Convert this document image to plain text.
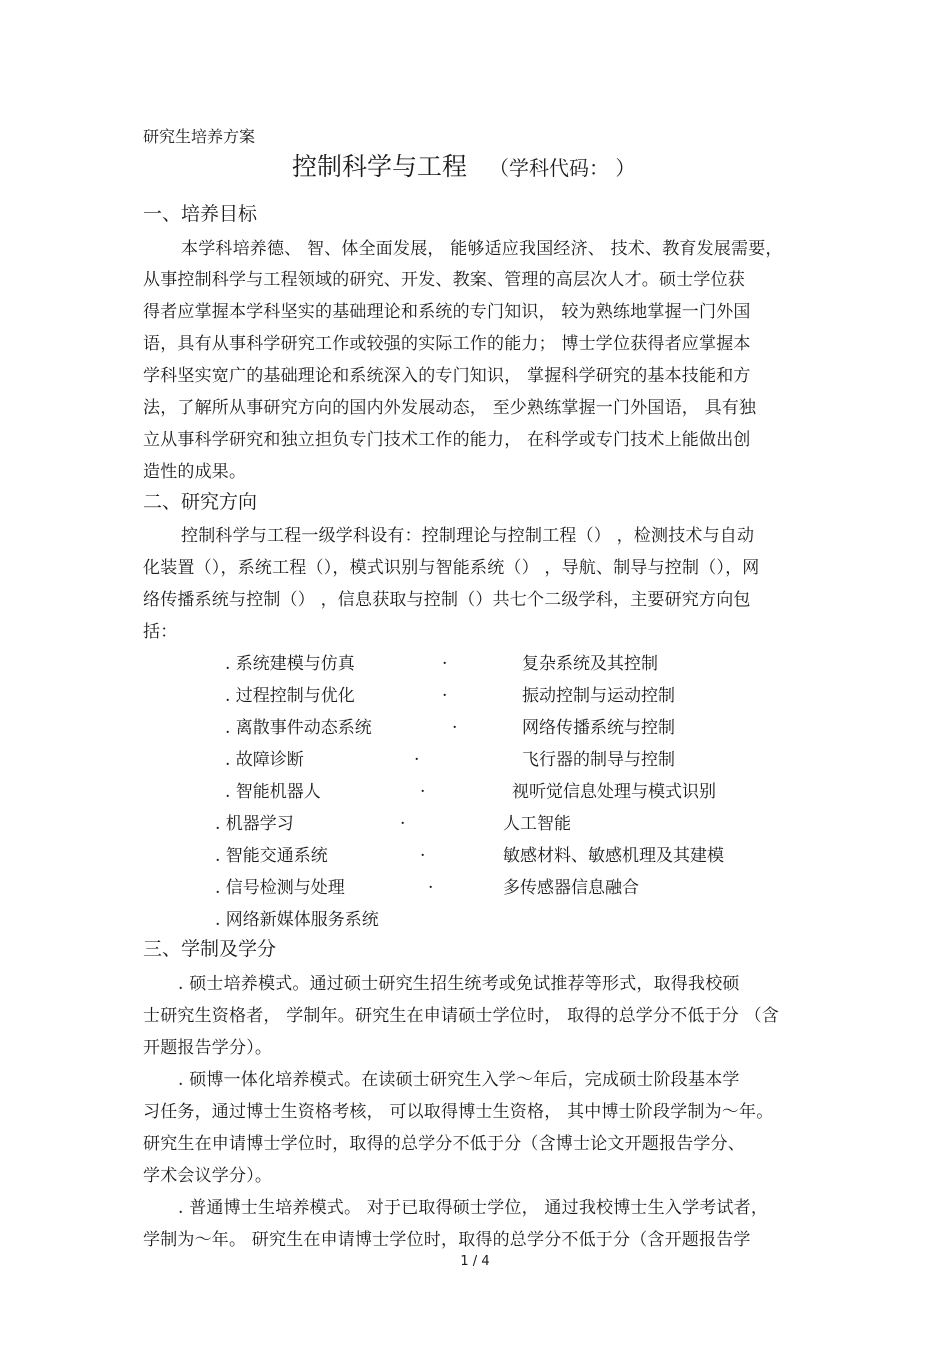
研究生培养方案
控制科学与工程 （学科代码： ）
一、培养目标
本学科培养德、 智、体全面发展， 能够适应我国经济、 技术、教育发展需要，
从事控制科学与工程领域的研究、开发、教案、管理的高层次人才。硕士学位获
得者应掌握本学科坚实的基础理论和系统的专门知识， 较为熟练地掌握一门外国
语，具有从事科学研究工作或较强的实际工作的能力； 博士学位获得者应掌握本
学科坚实宽广的基础理论和系统深入的专门知识， 掌握科学研究的基本技能和方
法，了解所从事研究方向的国内外发展动态， 至少熟练掌握一门外国语， 具有独
立从事科学研究和独立担负专门技术工作的能力， 在科学或专门技术上能做出创
造性的成果。
二、研究方向
控制科学与工程一级学科设有：控制理论与控制工程（） ，检测技术与自动
化装置（），系统工程（），模式识别与智能系统（） ，导航、制导与控制（），网
络传播系统与控制（） ，信息获取与控制（）共七个二级学科，主要研究方向包
括：
. 系统建模与仿真	.	复杂系统及其控制
. 过程控制与优化	.	振动控制与运动控制
. 离散事件动态系统	.	网络传播系统与控制
. 故障诊断	.	飞行器的制导与控制
. 智能机器人	.	视听觉信息处理与模式识别
. 机器学习	.	人工智能
. 智能交通系统	.	敏感材料、敏感机理及其建模
. 信号检测与处理	.	多传感器信息融合
. 网络新媒体服务系统
三、学制及学分
. 硕士培养模式。通过硕士研究生招生统考或免试推荐等形式，取得我校硕
士研究生资格者， 学制年。研究生在申请硕士学位时， 取得的总学分不低于分 （含
开题报告学分）。
. 硕博一体化培养模式。在读硕士研究生入学～年后，完成硕士阶段基本学
习任务，通过博士生资格考核， 可以取得博士生资格， 其中博士阶段学制为～年。
研究生在申请博士学位时，取得的总学分不低于分（含博士论文开题报告学分、
学术会议学分）。
. 普通博士生培养模式。 对于已取得硕士学位， 通过我校博士生入学考试者，
学制为～年。 研究生在申请博士学位时，取得的总学分不低于分（含开题报告学
1 / 4
